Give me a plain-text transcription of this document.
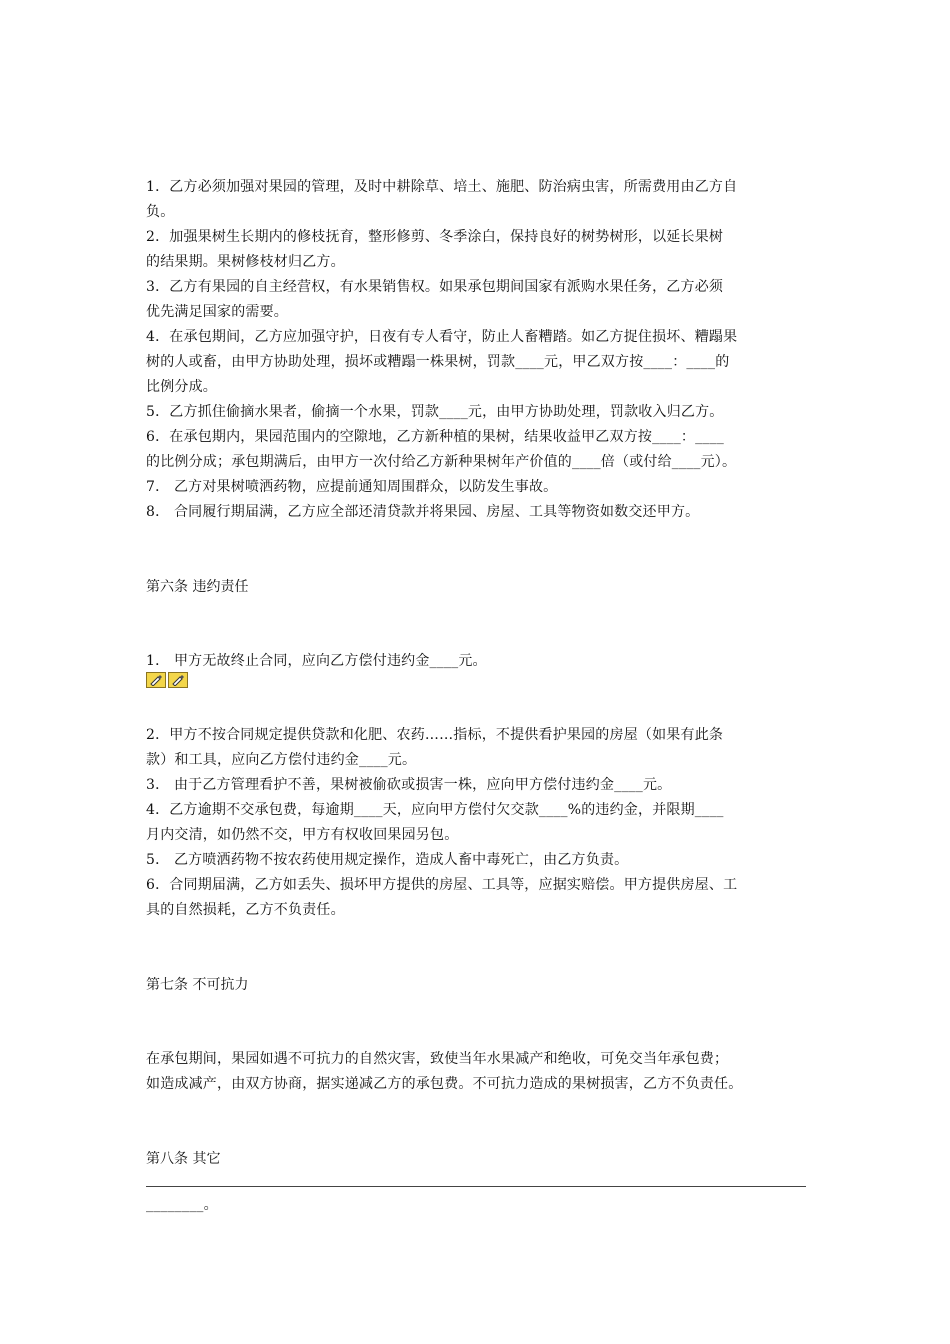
1．乙方必须加强对果园的管理，及时中耕除草、培土、施肥、防治病虫害，所需费用由乙方自
负。
2．加强果树生长期内的修枝抚育，整形修剪、冬季涂白，保持良好的树势树形，以延长果树
的结果期。果树修枝材归乙方。
3．乙方有果园的自主经营权，有水果销售权。如果承包期间国家有派购水果任务，乙方必须
优先满足国家的需要。
4．在承包期间，乙方应加强守护，日夜有专人看守，防止人畜糟踏。如乙方捉住损坏、糟蹋果
树的人或畜，由甲方协助处理，损坏或糟蹋一株果树，罚款____元，甲乙双方按____：____的
比例分成。
5．乙方抓住偷摘水果者，偷摘一个水果，罚款____元，由甲方协助处理，罚款收入归乙方。
6．在承包期内，果园范围内的空隙地，乙方新种植的果树，结果收益甲乙双方按____：____
的比例分成；承包期满后，由甲方一次付给乙方新种果树年产价值的____倍（或付给____元）。
7． 乙方对果树喷洒药物，应提前通知周围群众，以防发生事故。
8． 合同履行期届满，乙方应全部还清贷款并将果园、房屋、工具等物资如数交还甲方。
第六条 违约责任
1． 甲方无故终止合同，应向乙方偿付违约金____元。
2．甲方不按合同规定提供贷款和化肥、农药……指标，不提供看护果园的房屋（如果有此条
款）和工具，应向乙方偿付违约金____元。
3． 由于乙方管理看护不善，果树被偷砍或损害一株，应向甲方偿付违约金____元。
4．乙方逾期不交承包费，每逾期____天，应向甲方偿付欠交款____%的违约金，并限期____
月内交清，如仍然不交，甲方有权收回果园另包。
5． 乙方喷洒药物不按农药使用规定操作，造成人畜中毒死亡，由乙方负责。
6．合同期届满，乙方如丢失、损坏甲方提供的房屋、工具等，应据实赔偿。甲方提供房屋、工
具的自然损耗，乙方不负责任。
第七条 不可抗力
在承包期间，果园如遇不可抗力的自然灾害，致使当年水果减产和绝收，可免交当年承包费；
如造成减产，由双方协商，据实递减乙方的承包费。不可抗力造成的果树损害，乙方不负责任。
第八条 其它
________。
